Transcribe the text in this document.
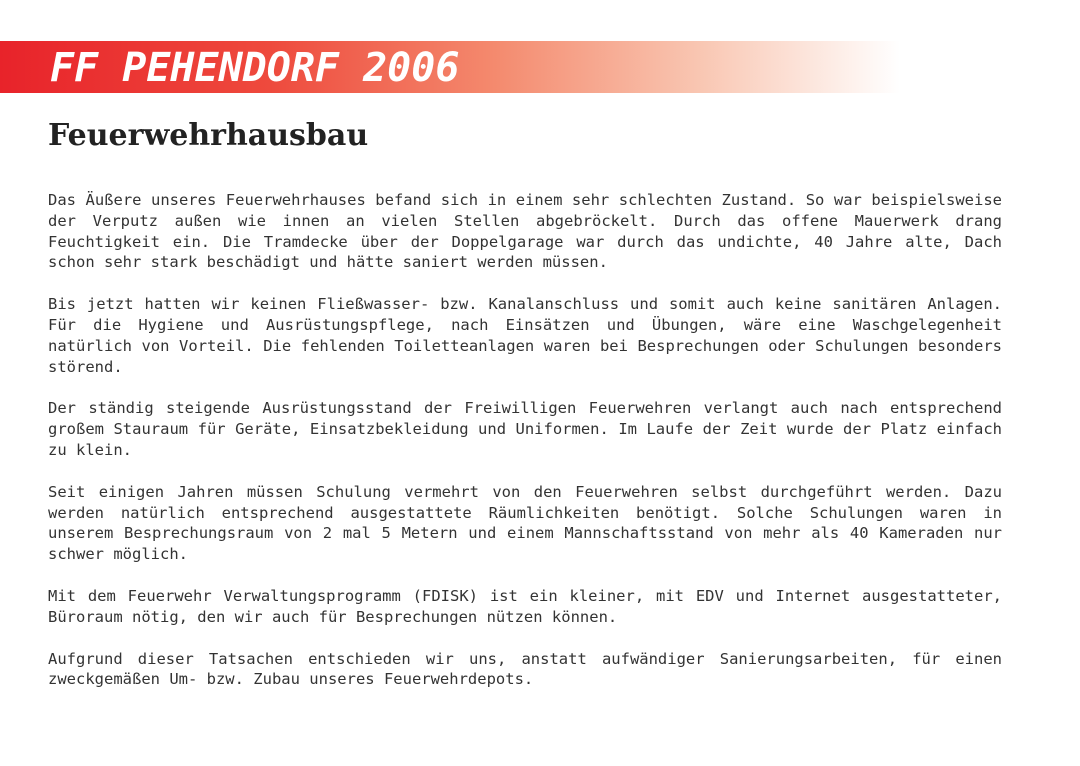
FF PEHENDORF 2006
Feuerwehrhausbau

Das Äußere unseres Feuerwehrhauses befand sich in einem sehr schlechten Zustand. So war beispielsweise der Verputz außen wie innen an vielen Stellen abgebröckelt. Durch das offene Mauerwerk drang Feuchtigkeit ein. Die Tramdecke über der Doppelgarage war durch das undichte, 40 Jahre alte, Dach schon sehr stark beschädigt und hätte saniert werden müssen.

Bis jetzt hatten wir keinen Fließwasser- bzw. Kanalanschluss und somit auch keine sanitären Anlagen. Für die Hygiene und Ausrüstungspflege, nach Einsätzen und Übungen, wäre eine Waschgelegenheit natürlich von Vorteil. Die fehlenden Toiletteanlagen waren bei Besprechungen oder Schulungen besonders störend.

Der ständig steigende Ausrüstungsstand der Freiwilligen Feuerwehren verlangt auch nach entsprechend großem Stauraum für Geräte, Einsatzbekleidung und Uniformen. Im Laufe der Zeit wurde der Platz einfach zu klein.

Seit einigen Jahren müssen Schulung vermehrt von den Feuerwehren selbst durchgeführt werden. Dazu werden natürlich entsprechend ausgestattete Räumlichkeiten benötigt. Solche Schulungen waren in unserem Besprechungsraum von 2 mal 5 Metern und einem Mannschaftsstand von mehr als 40 Kameraden nur schwer möglich.

Mit dem Feuerwehr Verwaltungsprogramm (FDISK) ist ein kleiner, mit EDV und Internet ausgestatteter, Büroraum nötig, den wir auch für Besprechungen nützen können.

Aufgrund dieser Tatsachen entschieden wir uns, anstatt aufwändiger Sanierungsarbeiten, für einen zweckgemäßen Um- bzw. Zubau unseres Feuerwehrdepots.
